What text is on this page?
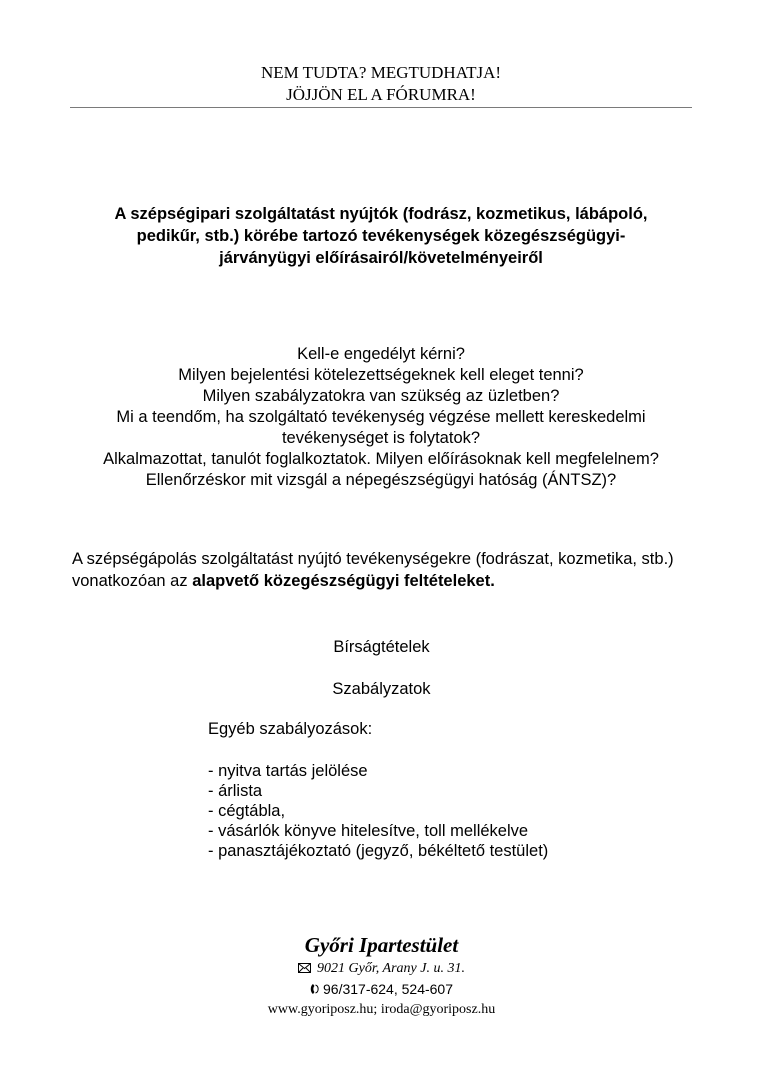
NEM TUDTA? MEGTUDHATJA!
JÖJJÖN EL A FÓRUMRA!
A szépségipari szolgáltatást nyújtók (fodrász, kozmetikus, lábápoló,
pedikűr, stb.) körébe tartozó tevékenységek közegészségügyi-
járványügyi előírásairól/követelményeiről
Kell-e engedélyt kérni?
Milyen bejelentési kötelezettségeknek kell eleget tenni?
Milyen szabályzatokra van szükség az üzletben?
Mi a teendőm, ha szolgáltató tevékenység végzése mellett kereskedelmi
tevékenységet is folytatok?
Alkalmazottat, tanulót foglalkoztatok. Milyen előírásoknak kell megfelelnem?
Ellenőrzéskor mit vizsgál a népegészségügyi hatóság (ÁNTSZ)?
A szépségápolás szolgáltatást nyújtó tevékenységekre (fodrászat, kozmetika, stb.) vonatkozóan az alapvető közegészségügyi feltételeket.
Bírságtételek
Szabályzatok
Egyéb szabályozások:
- nyitva tartás jelölése
- árlista
- cégtábla,
- vásárlók könyve hitelesítve, toll mellékelve
- panasztájékoztató (jegyző, békéltető testület)
Győri Ipartestület
9021 Győr, Arany J. u. 31.
96/317-624, 524-607
www.gyoriposz.hu; iroda@gyoriposz.hu
